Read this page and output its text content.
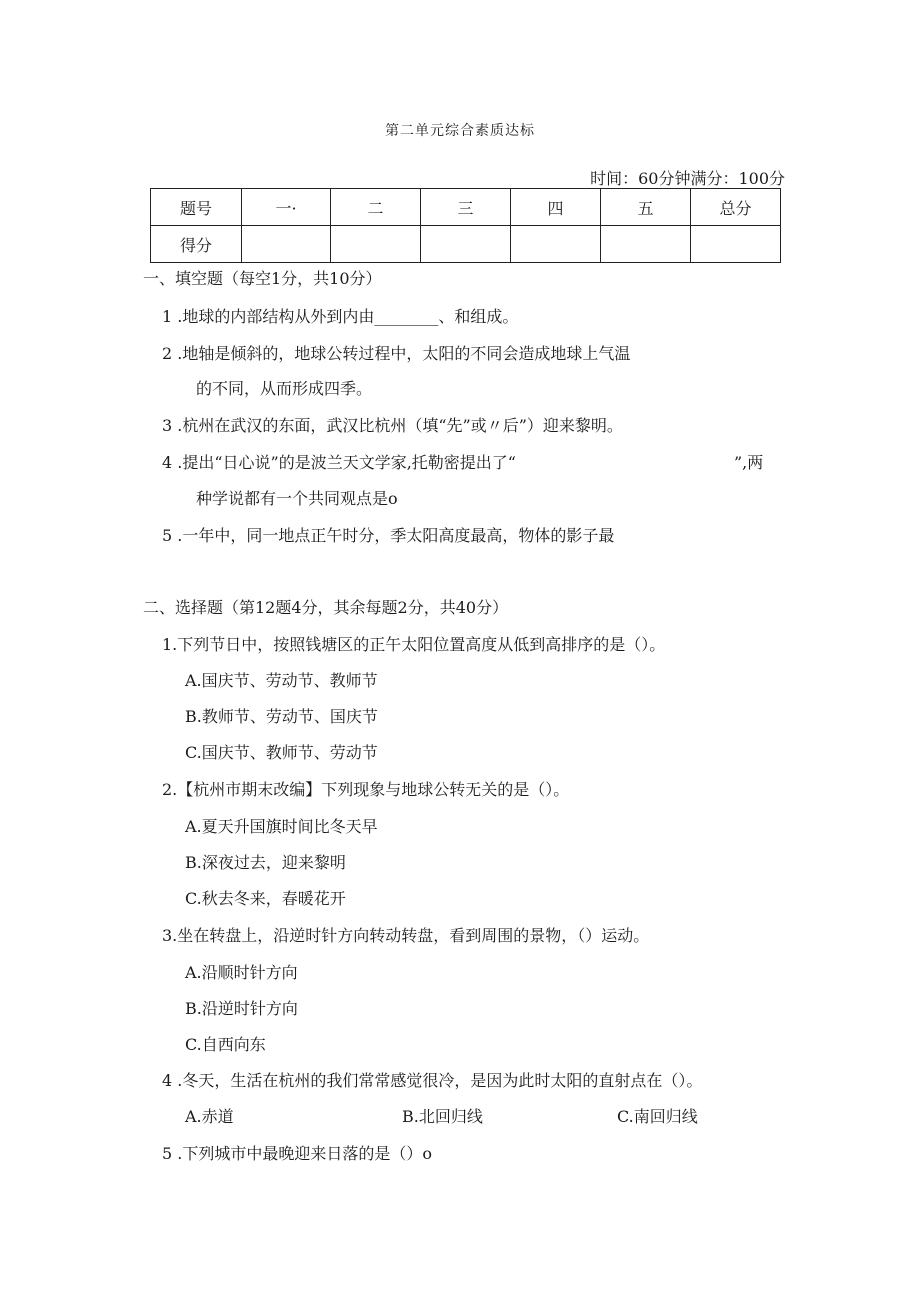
第二单元综合素质达标
时间：60分钟满分：100分
题号	一·	二	三	四	五	总分
得分						
一、填空题（每空1分，共10分）
1 .地球的内部结构从外到内由________、和组成。
2 .地轴是倾斜的，地球公转过程中，太阳的不同会造成地球上气温
的不同，从而形成四季。
3 .杭州在武汉的东面，武汉比杭州（填“先”或〃后”）迎来黎明。
4 .提出“日心说”的是波兰天文学家,托勒密提出了“	”,两
种学说都有一个共同观点是o
5 .一年中，同一地点正午时分，季太阳高度最高，物体的影子最
二、选择题（第12题4分，其余每题2分，共40分）
1.下列节日中，按照钱塘区的正午太阳位置高度从低到高排序的是（）。
A.国庆节、劳动节、教师节
B.教师节、劳动节、国庆节
C.国庆节、教师节、劳动节
2.【杭州市期末改编】下列现象与地球公转无关的是（）。
A.夏天升国旗时间比冬天早
B.深夜过去，迎来黎明
C.秋去冬来，春暖花开
3.坐在转盘上，沿逆时针方向转动转盘，看到周围的景物，（）运动。
A.沿顺时针方向
B.沿逆时针方向
C.自西向东
4 .冬天，生活在杭州的我们常常感觉很冷，是因为此时太阳的直射点在（）。
A.赤道	B.北回归线	C.南回归线
5 .下列城市中最晚迎来日落的是（）o
